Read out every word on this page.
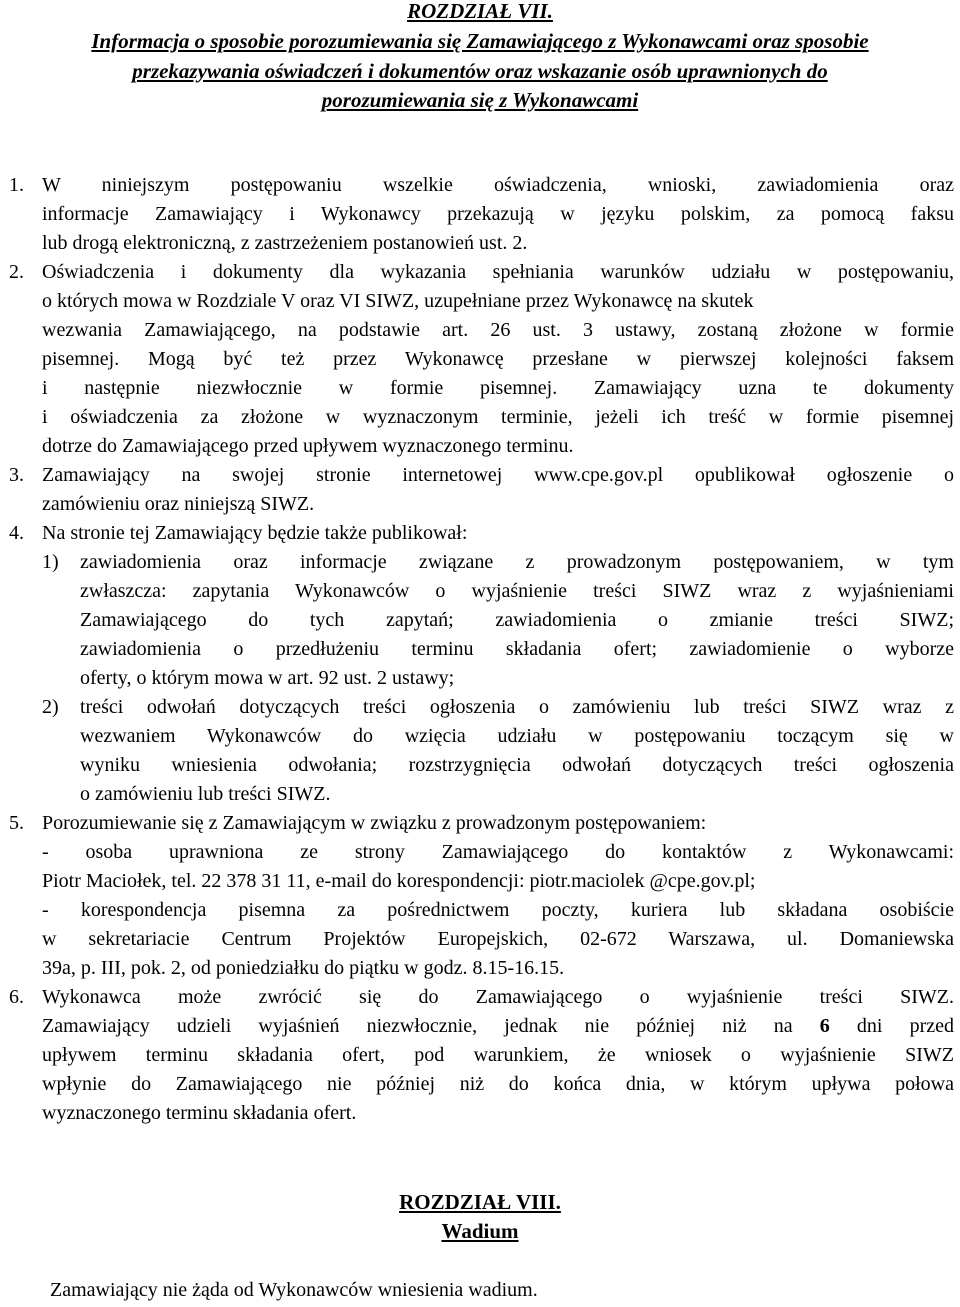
ROZDZIAŁ VII.
Informacja o sposobie porozumiewania się Zamawiającego z Wykonawcami oraz sposobie
przekazywania oświadczeń i dokumentów oraz wskazanie osób uprawnionych do
porozumiewania się z Wykonawcami
1. W niniejszym postępowaniu wszelkie oświadczenia, wnioski, zawiadomienia oraz
informacje Zamawiający i Wykonawcy przekazują w języku polskim, za pomocą faksu
lub drogą elektroniczną, z zastrzeżeniem postanowień ust. 2.
2. Oświadczenia i dokumenty dla wykazania spełniania warunków udziału w postępowaniu,
o których mowa w Rozdziale V oraz VI SIWZ, uzupełniane przez Wykonawcę na skutek
wezwania Zamawiającego, na podstawie art. 26 ust. 3 ustawy, zostaną złożone w formie
pisemnej. Mogą być też przez Wykonawcę przesłane w pierwszej kolejności faksem
i następnie niezwłocznie w formie pisemnej. Zamawiający uzna te dokumenty
i oświadczenia za złożone w wyznaczonym terminie, jeżeli ich treść w formie pisemnej
dotrze do Zamawiającego przed upływem wyznaczonego terminu.
3. Zamawiający na swojej stronie internetowej www.cpe.gov.pl opublikował ogłoszenie o
zamówieniu oraz niniejszą SIWZ.
4. Na stronie tej Zamawiający będzie także publikował:
1) zawiadomienia oraz informacje związane z prowadzonym postępowaniem, w tym
zwłaszcza: zapytania Wykonawców o wyjaśnienie treści SIWZ wraz z wyjaśnieniami
Zamawiającego do tych zapytań; zawiadomienia o zmianie treści SIWZ;
zawiadomienia o przedłużeniu terminu składania ofert; zawiadomienie o wyborze
oferty, o którym mowa w art. 92 ust. 2 ustawy;
2) treści odwołań dotyczących treści ogłoszenia o zamówieniu lub treści SIWZ wraz z
wezwaniem Wykonawców do wzięcia udziału w postępowaniu toczącym się w
wyniku wniesienia odwołania; rozstrzygnięcia odwołań dotyczących treści ogłoszenia
o zamówieniu lub treści SIWZ.
5. Porozumiewanie się z Zamawiającym w związku z prowadzonym postępowaniem:
- osoba uprawniona ze strony Zamawiającego do kontaktów z Wykonawcami:
Piotr Maciołek, tel. 22 378 31 11, e-mail do korespondencji: piotr.maciolek @cpe.gov.pl;
- korespondencja pisemna za pośrednictwem poczty, kuriera lub składana osobiście
w sekretariacie Centrum Projektów Europejskich, 02-672 Warszawa, ul. Domaniewska
39a, p. III, pok. 2, od poniedziałku do piątku w godz. 8.15-16.15.
6. Wykonawca może zwrócić się do Zamawiającego o wyjaśnienie treści SIWZ.
Zamawiający udzieli wyjaśnień niezwłocznie, jednak nie później niż na 6 dni przed
upływem terminu składania ofert, pod warunkiem, że wniosek o wyjaśnienie SIWZ
wpłynie do Zamawiającego nie później niż do końca dnia, w którym upływa połowa
wyznaczonego terminu składania ofert.
ROZDZIAŁ VIII.
Wadium
Zamawiający nie żąda od Wykonawców wniesienia wadium.
